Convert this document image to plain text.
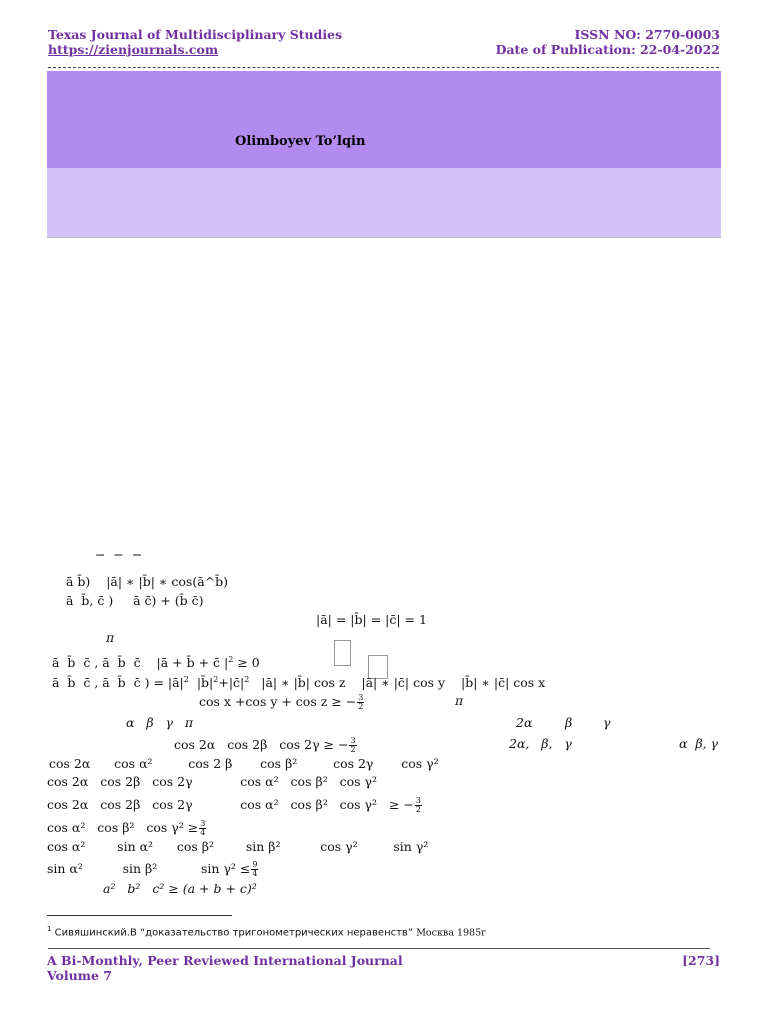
Texas Journal of Multidisciplinary Studies
https://zienjournals.com
ISSN NO: 2770-0003
Date of Publication: 22-04-2022
Olimboyev To’lqin
−  −  −
ā b̄)    |ā| ∗ |b̄| ∗ cos(ā^b̄)
ā  b̄, c̄ )     ā c̄) + (b̄ c̄)
|ā| = |b̄| = |c̄| = 1
π
ā  b̄  c̄ , ā  b̄  c̄ |ā + b̄ + c̄ $|^2 \ge 0$
ā  b̄  c̄ , ā  b̄  c̄ ) = $|ā|^2$ $|b̄|^2+|c̄|^2$ |ā| ∗ |b̄| cos z |ā| ∗ |c̄| cos y |b̄| ∗ |c̄| cos x
cos x +cos y + cos z ≥ − $\frac{3}{2}$	π
α   β   γ   π	2α	β γ
cos 2α   cos 2β   cos 2γ ≥ − $\frac{3}{2}$	2α,   β,   γ	α  β, γ
cos 2α      cos α²         cos 2 β       cos β²         cos 2γ       cos γ²
cos 2α   cos 2β   cos 2γ            cos α²   cos β²   cos γ²
cos 2α   cos 2β   cos 2γ            cos α²   cos β²   cos γ² ≥ − $\frac{3}{2}$
cos α²   cos β²   $\cos \gamma^2 \ge \frac{3}{4}$
cos α²        sin α²      cos β²        sin β²          cos γ²         sin γ²
sin α²          sin β²           $\sin \gamma^2 \le \frac{9}{4}$
a²   b²   c² ≥ (a + b + c)²
$^1$ Сивяшинский.В “доказательство тригонометрических неравенств” Москва 1985г
A Bi-Monthly, Peer Reviewed International Journal
Volume 7
[273]
